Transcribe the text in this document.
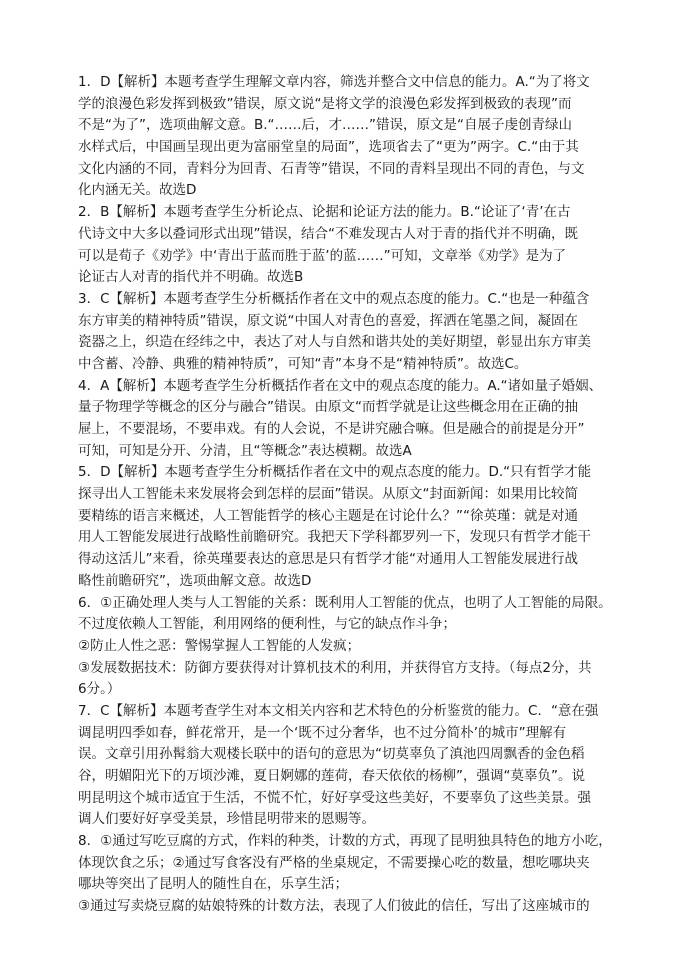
1．D【解析】本题考查学生理解文章内容，筛选并整合文中信息的能力。A.“为了将文
学的浪漫色彩发挥到极致”错误，原文说“是将文学的浪漫色彩发挥到极致的表现”而
不是“为了”，选项曲解文意。B.“……后，才……”错误，原文是“自展子虔创青绿山
水样式后，中国画呈现出更为富丽堂皇的局面”，选项省去了“更为”两字。C.“由于其
文化内涵的不同，青料分为回青、石青等”错误，不同的青料呈现出不同的青色，与文
化内涵无关。故选D
2．B【解析】本题考查学生分析论点、论据和论证方法的能力。B.“论证了‘青’在古
代诗文中大多以叠词形式出现”错误，结合“不难发现古人对于青的指代并不明确，既
可以是荀子《劝学》中‘青出于蓝而胜于蓝’的蓝……”可知，文章举《劝学》是为了
论证古人对青的指代并不明确。故选B
3．C【解析】本题考查学生分析概括作者在文中的观点态度的能力。C.“也是一种蕴含
东方审美的精神特质”错误，原文说“中国人对青色的喜爱，挥洒在笔墨之间，凝固在
瓷器之上，织造在经纬之中，表达了对人与自然和谐共处的美好期望，彰显出东方审美
中含蓄、冷静、典雅的精神特质”，可知“青”本身不是“精神特质”。故选C。
4．A【解析】本题考查学生分析概括作者在文中的观点态度的能力。A.“诸如量子婚姻、
量子物理学等概念的区分与融合”错误。由原文“而哲学就是让这些概念用在正确的抽
屉上，不要混场，不要串戏。有的人会说，不是讲究融合嘛。但是融合的前提是分开”
可知，可知是分开、分清，且“等概念”表达模糊。故选A
5．D【解析】本题考查学生分析概括作者在文中的观点态度的能力。D.“只有哲学才能
探寻出人工智能未来发展将会到怎样的层面”错误。从原文“封面新闻：如果用比较简
要精练的语言来概述，人工智能哲学的核心主题是在讨论什么？”“徐英瑾：就是对通
用人工智能发展进行战略性前瞻研究。我把天下学科都罗列一下，发现只有哲学才能干
得动这活儿”来看，徐英瑾要表达的意思是只有哲学才能“对通用人工智能发展进行战
略性前瞻研究”，选项曲解文意。故选D
6．①正确处理人类与人工智能的关系：既利用人工智能的优点，也明了人工智能的局限。
不过度依赖人工智能，利用网络的便利性，与它的缺点作斗争；
②防止人性之恶：警惕掌握人工智能的人发疯；
③发展数据技术：防御方要获得对计算机技术的利用，并获得官方支持。（每点2分，共
6分。）
7．C【解析】本题考查学生对本文相关内容和艺术特色的分析鉴赏的能力。C．“意在强
调昆明四季如春，鲜花常开，是一个‘既不过分奢华，也不过分简朴’的城市”理解有
误。文章引用孙髯翁大观楼长联中的语句的意思为“切莫辜负了滇池四周飘香的金色稻
谷，明媚阳光下的万顷沙滩，夏日婀娜的莲荷，春天依依的杨柳”，强调“莫辜负”。说
明昆明这个城市适宜于生活，不慌不忙，好好享受这些美好，不要辜负了这些美景。强
调人们要好好享受美景，珍惜昆明带来的恩赐等。
8．①通过写吃豆腐的方式，作料的种类，计数的方式，再现了昆明独具特色的地方小吃，
体现饮食之乐；②通过写食客没有严格的坐桌规定，不需要操心吃的数量，想吃哪块夹
哪块等突出了昆明人的随性自在，乐享生活；
③通过写卖烧豆腐的姑娘特殊的计数方法，表现了人们彼此的信任，写出了这座城市的
